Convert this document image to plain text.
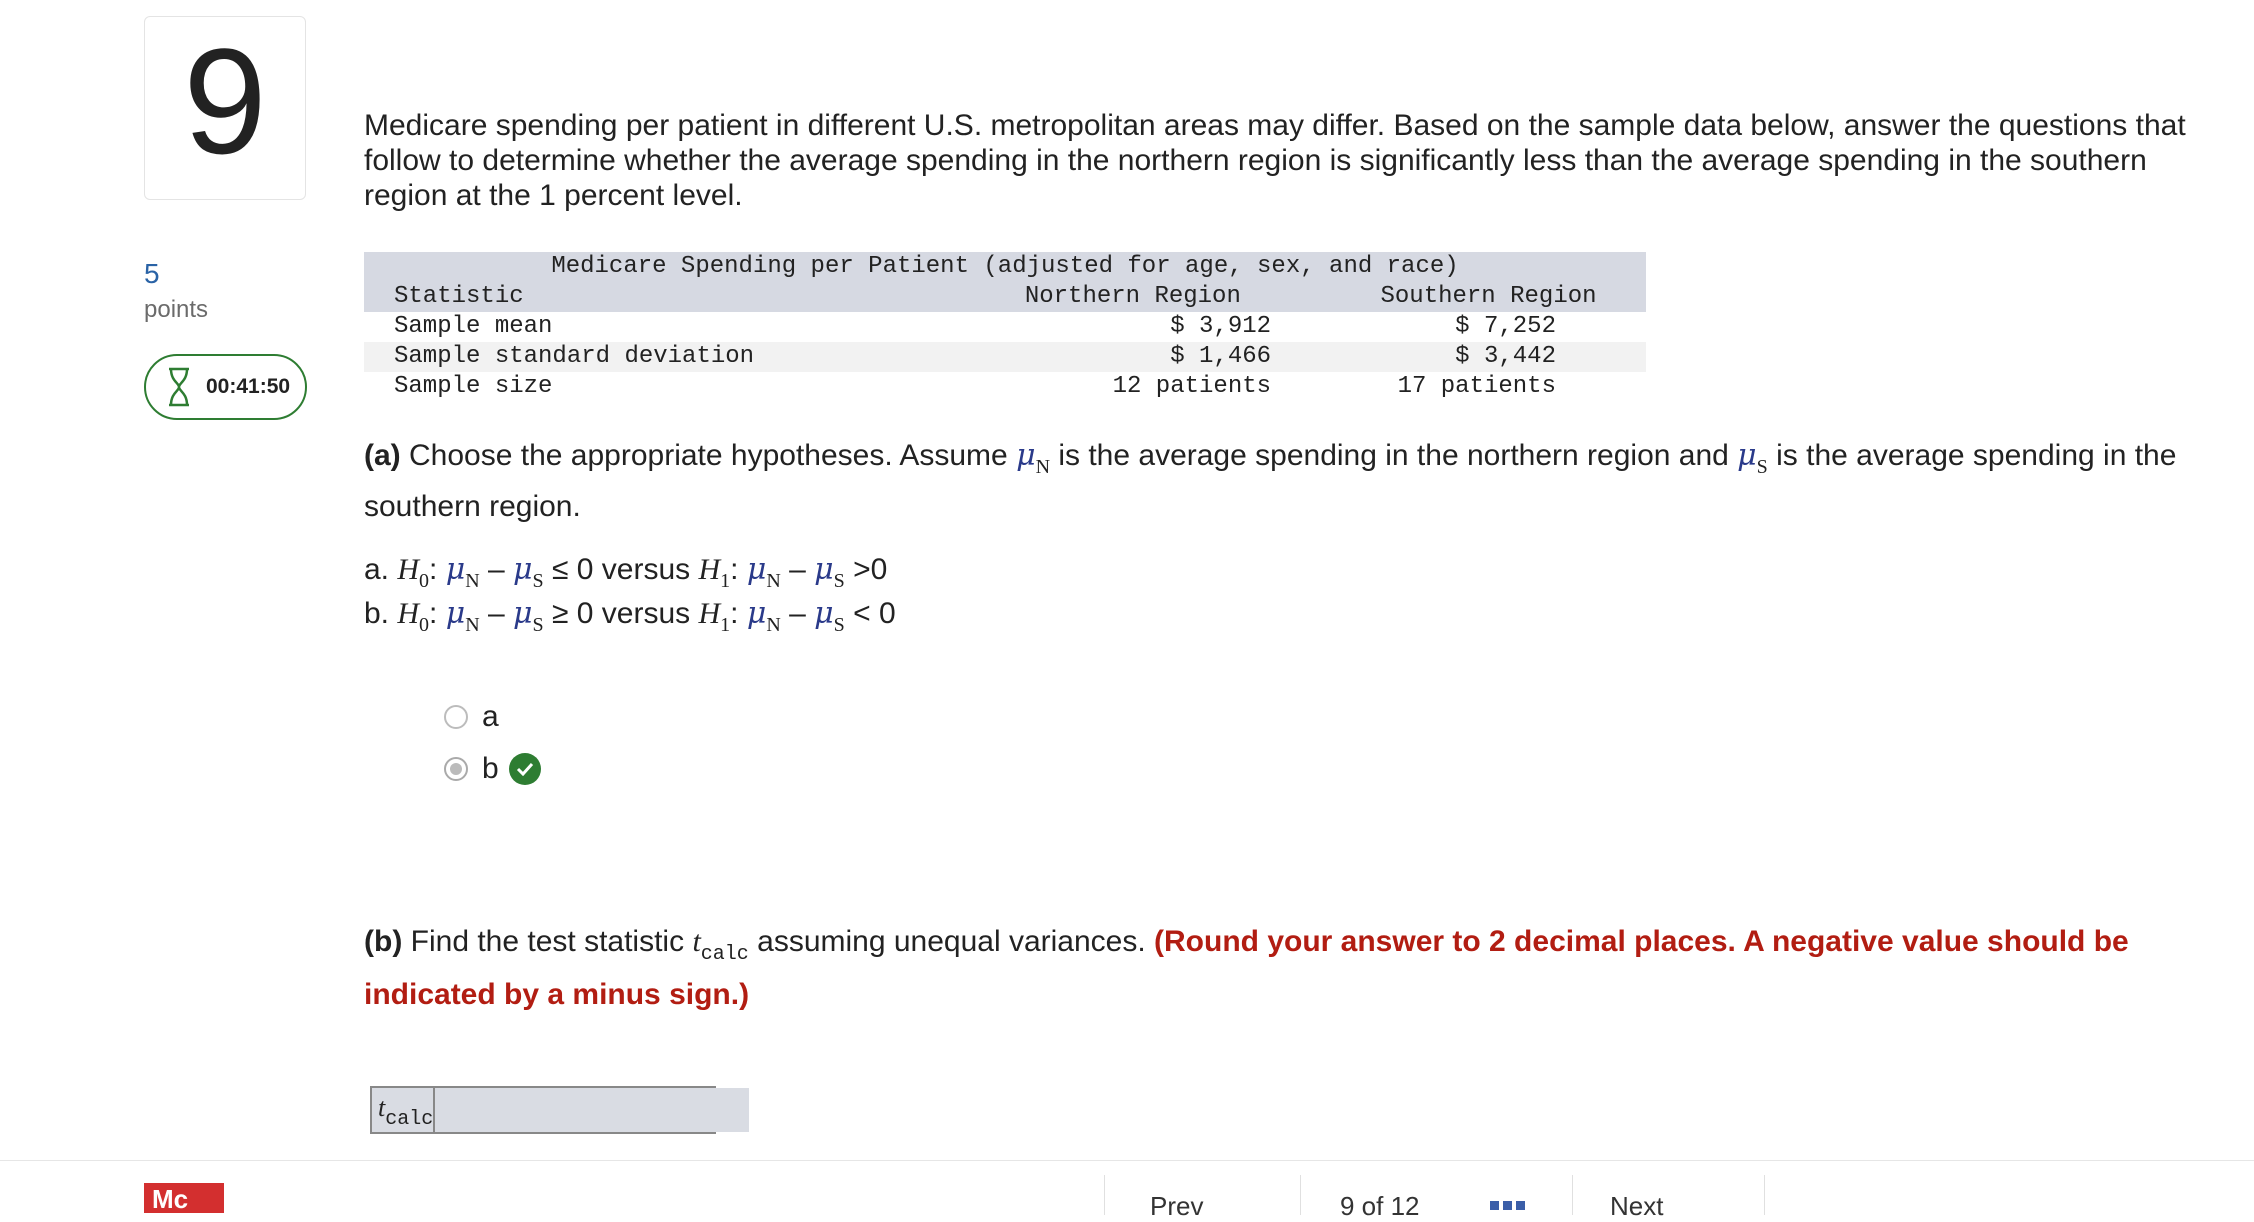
9
5
points
00:41:50
Medicare spending per patient in different U.S. metropolitan areas may differ. Based on the sample data below, answer the questions that follow to determine whether the average spending in the northern region is significantly less than the average spending in the southern region at the 1 percent level.
Medicare Spending per Patient (adjusted for age, sex, and race)		
Statistic	Northern Region	Southern Region
Sample mean	$ 3,912	$ 7,252
Sample standard deviation	$ 1,466	$ 3,442
Sample size	12 patients	17 patients
(a) Choose the appropriate hypotheses. Assume $\mu_N$ is the average spending in the northern region and $\mu_S$ is the average spending in the southern region.
a. $H_0$: $\mu_N - \mu_S \le 0$ versus $H_1$: $\mu_N - \mu_S >0$
b. $H_0$: $\mu_N - \mu_S \ge 0$ versus $H_1$: $\mu_N - \mu_S < 0$
a
b
(b) Find the test statistic $t_{calc}$ assuming unequal variances. (Round your answer to 2 decimal places. A negative value should be indicated by a minus sign.)
$t_{calc}$
Mc	Prev	9 of 12	Next
